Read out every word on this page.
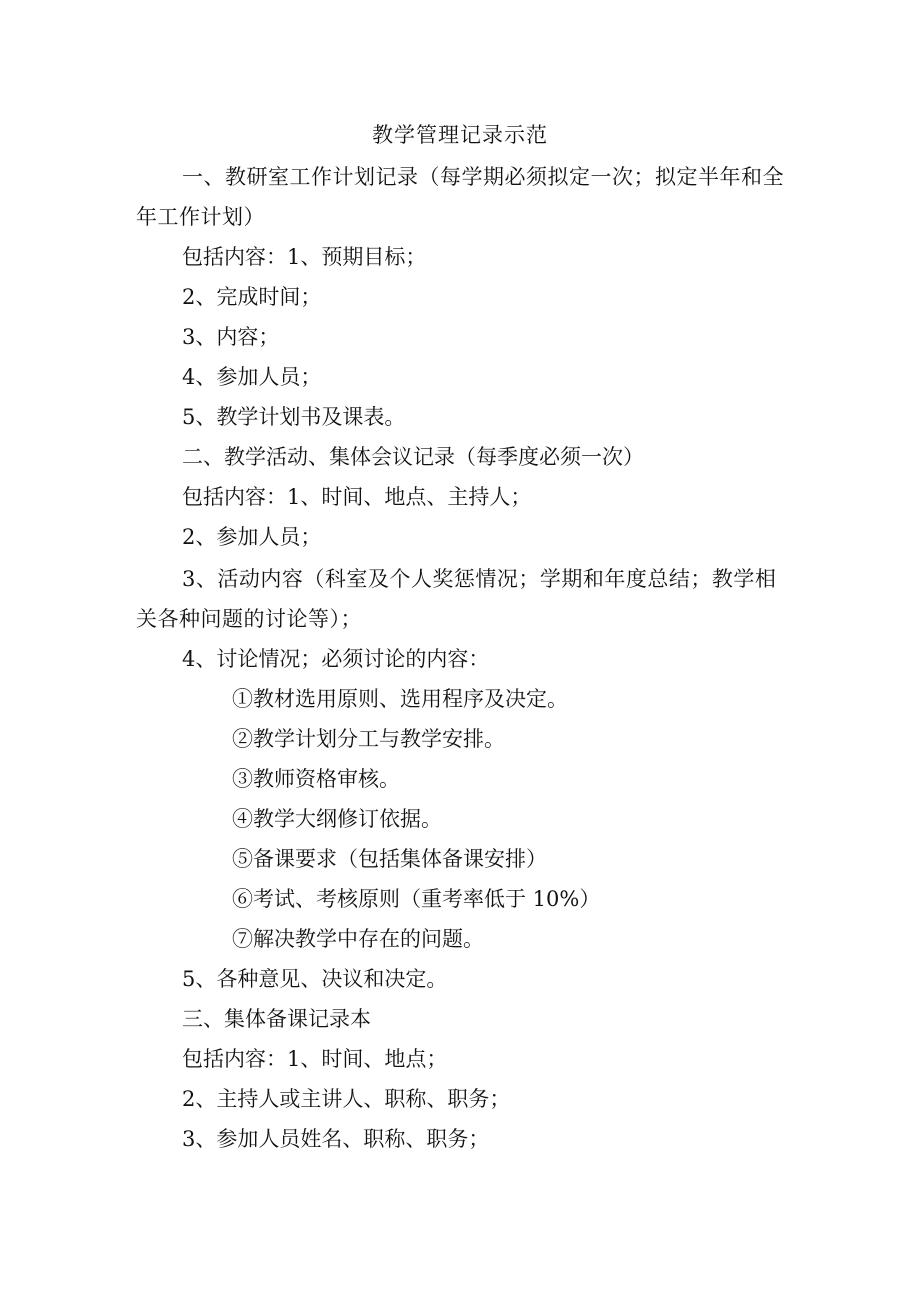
教学管理记录示范
一、教研室工作计划记录（每学期必须拟定一次；拟定半年和全年工作计划）
包括内容：1、预期目标；
2、完成时间；
3、内容；
4、参加人员；
5、教学计划书及课表。
二、教学活动、集体会议记录（每季度必须一次）
包括内容：1、时间、地点、主持人；
2、参加人员；
3、活动内容（科室及个人奖惩情况；学期和年度总结；教学相关各种问题的讨论等）；
4、讨论情况；必须讨论的内容：
①教材选用原则、选用程序及决定。
②教学计划分工与教学安排。
③教师资格审核。
④教学大纲修订依据。
⑤备课要求（包括集体备课安排）
⑥考试、考核原则（重考率低于 10%）
⑦解决教学中存在的问题。
5、各种意见、决议和决定。
三、集体备课记录本
包括内容：1、时间、地点；
2、主持人或主讲人、职称、职务；
3、参加人员姓名、职称、职务；
